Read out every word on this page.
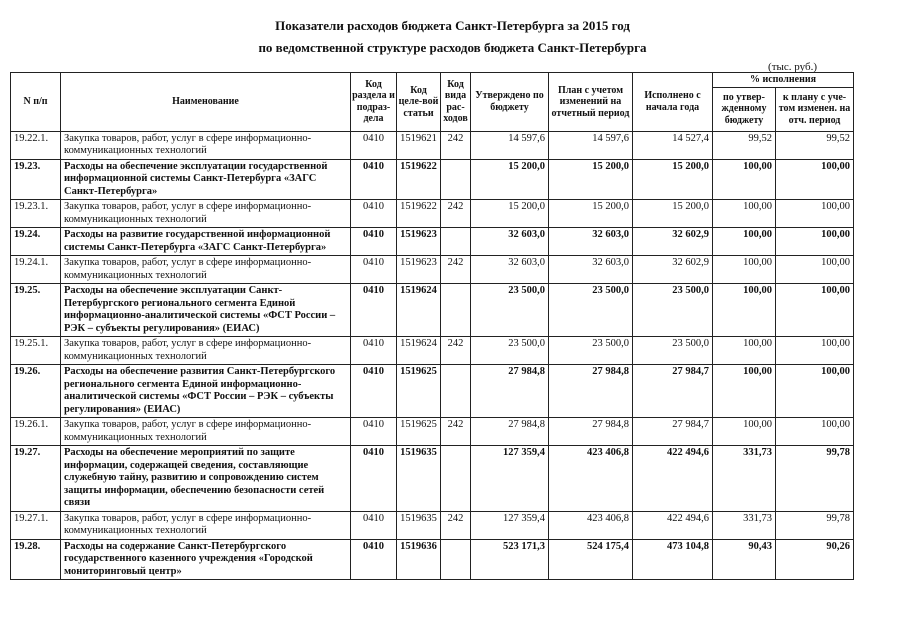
Показатели расходов бюджета Санкт-Петербурга за 2015 год
по ведомственной структуре расходов бюджета Санкт-Петербурга
(тыс. руб.)
N п/п	Наименование	Код раздела и подраз-дела	Код целе-вой статьи	Код вида рас-ходов	Утверждено по бюджету	План с учетом изменений на отчетный период	Исполнено с начала года	% исполнения	
								по утвер-жденному бюджету	к плану с уче-том изменен. на отч. период
19.22.1.	Закупка товаров, работ, услуг в сфере информационно-коммуникационных технологий	0410	1519621	242	14 597,6	14 597,6	14 527,4	99,52	99,52
19.23.	Расходы на обеспечение эксплуатации государственной информационной системы Санкт-Петербурга «ЗАГС Санкт-Петербурга»	0410	1519622		15 200,0	15 200,0	15 200,0	100,00	100,00
19.23.1.	Закупка товаров, работ, услуг в сфере информационно-коммуникационных технологий	0410	1519622	242	15 200,0	15 200,0	15 200,0	100,00	100,00
19.24.	Расходы на развитие государственной информационной системы Санкт-Петербурга «ЗАГС Санкт-Петербурга»	0410	1519623		32 603,0	32 603,0	32 602,9	100,00	100,00
19.24.1.	Закупка товаров, работ, услуг в сфере информационно-коммуникационных технологий	0410	1519623	242	32 603,0	32 603,0	32 602,9	100,00	100,00
19.25.	Расходы на обеспечение эксплуатации Санкт-Петербургского регионального сегмента Единой информационно-аналитической системы «ФСТ России – РЭК – субъекты регулирования» (ЕИАС)	0410	1519624		23 500,0	23 500,0	23 500,0	100,00	100,00
19.25.1.	Закупка товаров, работ, услуг в сфере информационно-коммуникационных технологий	0410	1519624	242	23 500,0	23 500,0	23 500,0	100,00	100,00
19.26.	Расходы на обеспечение развития Санкт-Петербургского регионального сегмента Единой информационно-аналитической системы «ФСТ России – РЭК – субъекты регулирования» (ЕИАС)	0410	1519625		27 984,8	27 984,8	27 984,7	100,00	100,00
19.26.1.	Закупка товаров, работ, услуг в сфере информационно-коммуникационных технологий	0410	1519625	242	27 984,8	27 984,8	27 984,7	100,00	100,00
19.27.	Расходы на обеспечение мероприятий по защите информации, содержащей сведения, составляющие служебную тайну, развитию и сопровождению систем защиты информации, обеспечению безопасности сетей связи	0410	1519635		127 359,4	423 406,8	422 494,6	331,73	99,78
19.27.1.	Закупка товаров, работ, услуг в сфере информационно-коммуникационных технологий	0410	1519635	242	127 359,4	423 406,8	422 494,6	331,73	99,78
19.28.	Расходы на содержание Санкт-Петербургского государственного казенного учреждения «Городской мониторинговый центр»	0410	1519636		523 171,3	524 175,4	473 104,8	90,43	90,26
